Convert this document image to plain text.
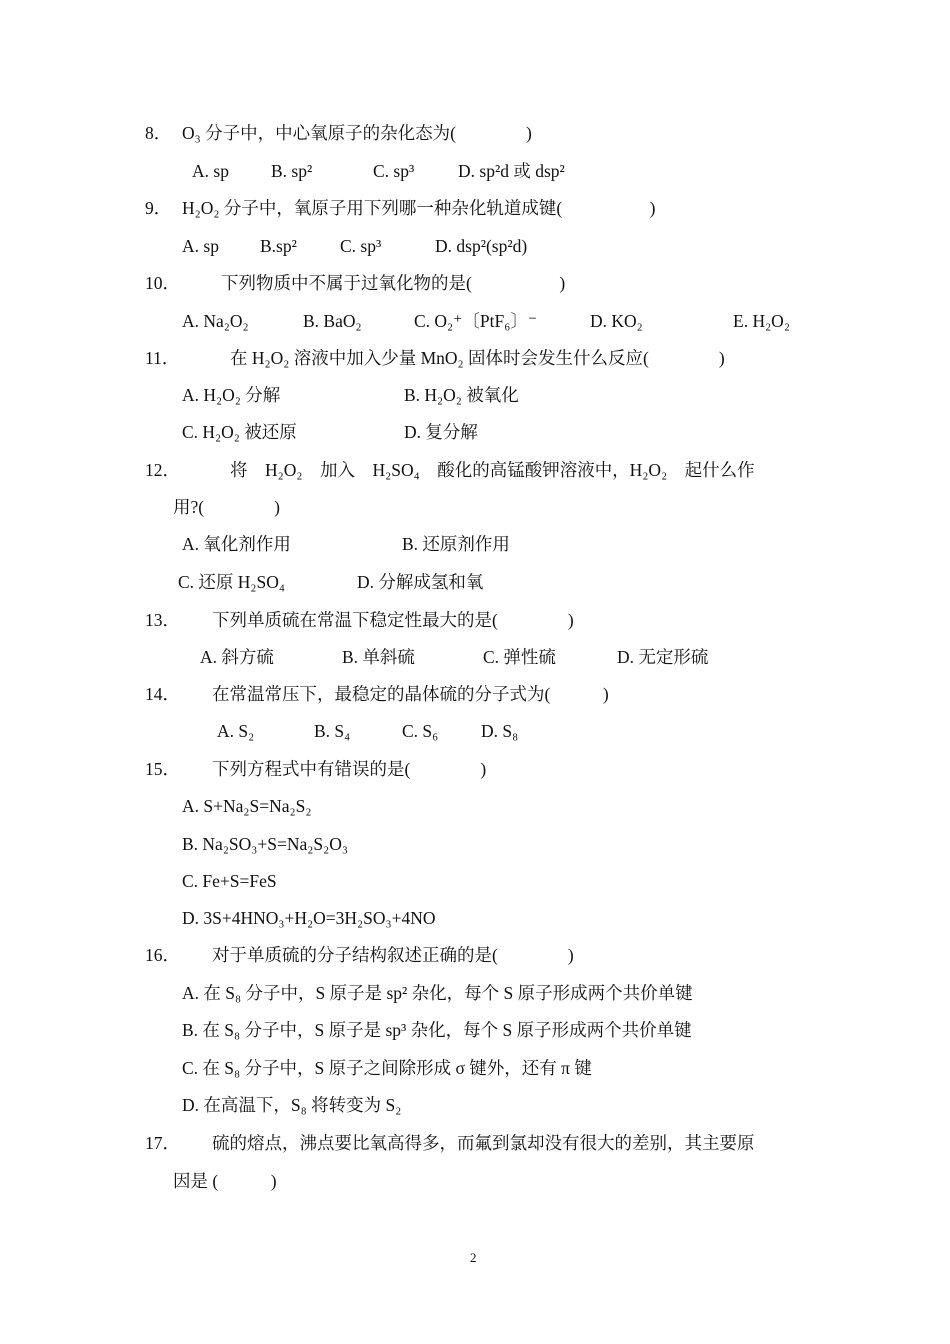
8． O₃ 分子中，中心氧原子的杂化态为(　　　　)
A. sp B. sp²	C. sp³	D. sp²d 或 dsp²
9． H₂O₂ 分子中，氧原子用下列哪一种杂化轨道成键(　　　　　)
A. sp B.sp² C. sp³	D. dsp²(sp²d)
10． 下列物质中不属于过氧化物的是(　　　　　)
A. Na₂O₂	B. BaO₂	C. O₂⁺〔PtF₆〕⁻	D. KO₂	E. H₂O₂
11．	在 H₂O₂ 溶液中加入少量 MnO₂ 固体时会发生什么反应(　　　　)
A. H₂O₂ 分解	B. H₂O₂ 被氧化
C. H₂O₂ 被还原	D. 复分解
12．	将　H₂O₂　加入　H₂SO₄　酸化的高锰酸钾溶液中，H₂O₂　起什么作
用?(　　　　)
A. 氧化剂作用	B. 还原剂作用
C. 还原 H₂SO₄	D. 分解成氢和氧
13． 下列单质硫在常温下稳定性最大的是(　　　　)
A. 斜方硫	B. 单斜硫	C. 弹性硫	D. 无定形硫
14． 在常温常压下，最稳定的晶体硫的分子式为(　　　)
A. S₂	B. S₄	C. S₆ D. S₈
15． 下列方程式中有错误的是(　　　　)
A. S+Na₂S=Na₂S₂
B. Na₂SO₃+S=Na₂S₂O₃
C. Fe+S=FeS
D. 3S+4HNO₃+H₂O=3H₂SO₃+4NO
16． 对于单质硫的分子结构叙述正确的是(　　　　)
A. 在 S₈ 分子中，S 原子是 sp² 杂化，每个 S 原子形成两个共价单键
B. 在 S₈ 分子中，S 原子是 sp³ 杂化，每个 S 原子形成两个共价单键
C. 在 S₈ 分子中，S 原子之间除形成 σ 键外，还有 π 键
D. 在高温下，S₈ 将转变为 S₂
17． 硫的熔点，沸点要比氧高得多，而氟到氯却没有很大的差别，其主要原
因是 (　　　)
2
